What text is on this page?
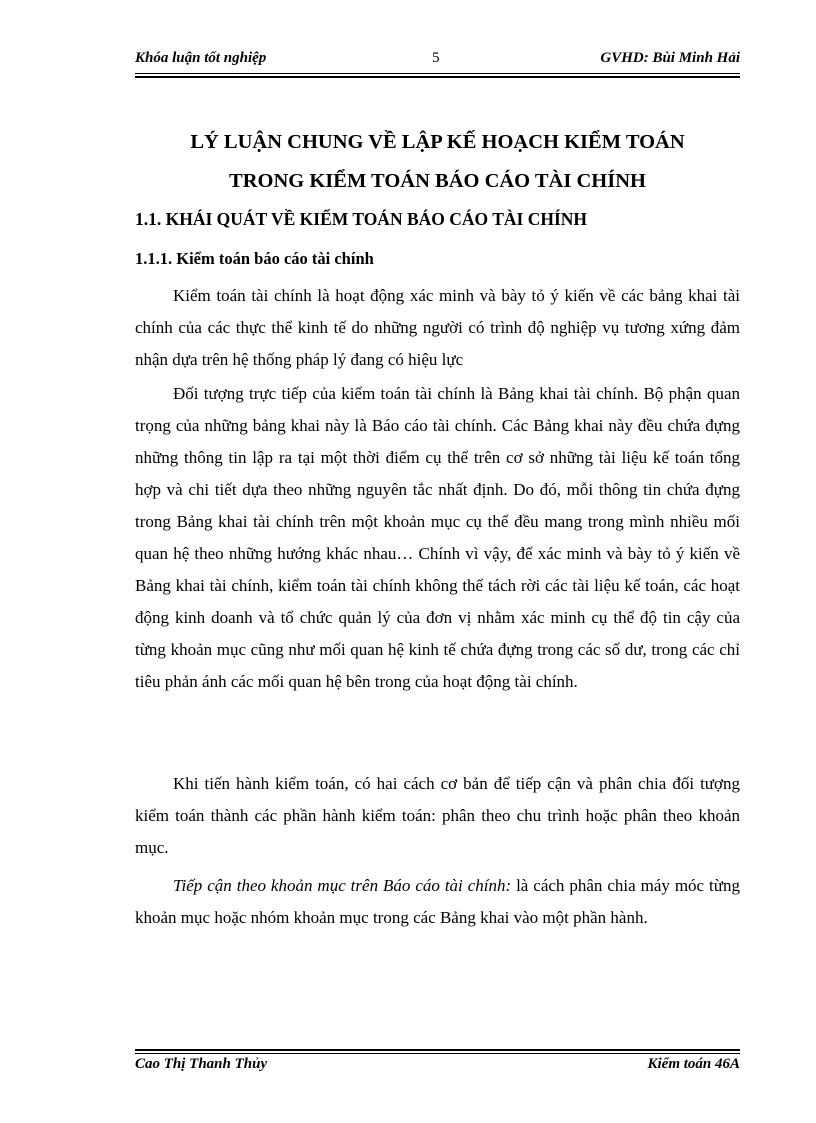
Khóa luận tốt nghiệp	5	GVHD: Bùi Minh Hải
LÝ LUẬN CHUNG VỀ LẬP KẾ HOẠCH KIỂM TOÁN
TRONG KIỂM TOÁN BÁO CÁO TÀI CHÍNH
1.1. KHÁI QUÁT VỀ KIỂM TOÁN BÁO CÁO TÀI CHÍNH
1.1.1. Kiểm toán báo cáo tài chính

Kiểm toán tài chính là hoạt động xác minh và bày tỏ ý kiến về các bảng khai tài chính của các thực thể kinh tế do những người có trình độ nghiệp vụ tương xứng đảm nhận dựa trên hệ thống pháp lý đang có hiệu lực

Đối tượng trực tiếp của kiểm toán tài chính là Bảng khai tài chính. Bộ phận quan trọng của những bảng khai này là Báo cáo tài chính. Các Bảng khai này đều chứa đựng những thông tin lập ra tại một thời điểm cụ thể trên cơ sở những tài liệu kế toán tổng hợp và chi tiết dựa theo những nguyên tắc nhất định. Do đó, mỗi thông tin chứa đựng trong Bảng khai tài chính trên một khoản mục cụ thể đều mang trong mình nhiều mối quan hệ theo những hướng khác nhau… Chính vì vậy, để xác minh và bày tỏ ý kiến về Bảng khai tài chính, kiểm toán tài chính không thể tách rời các tài liệu kế toán, các hoạt động kinh doanh và tổ chức quản lý của đơn vị nhằm xác minh cụ thể độ tin cậy của từng khoản mục cũng như mối quan hệ kinh tế chứa đựng trong các số dư, trong các chỉ tiêu phản ánh các mối quan hệ bên trong của hoạt động tài chính.

Khi tiến hành kiểm toán, có hai cách cơ bản để tiếp cận và phân chia đối tượng kiểm toán thành các phần hành kiểm toán: phân theo chu trình hoặc phân theo khoản mục.

Tiếp cận theo khoản mục trên Báo cáo tài chính: là cách phân chia máy móc từng khoản mục hoặc nhóm khoản mục trong các Bảng khai vào một phần hành.

Cao Thị Thanh Thủy	Kiểm toán 46A
